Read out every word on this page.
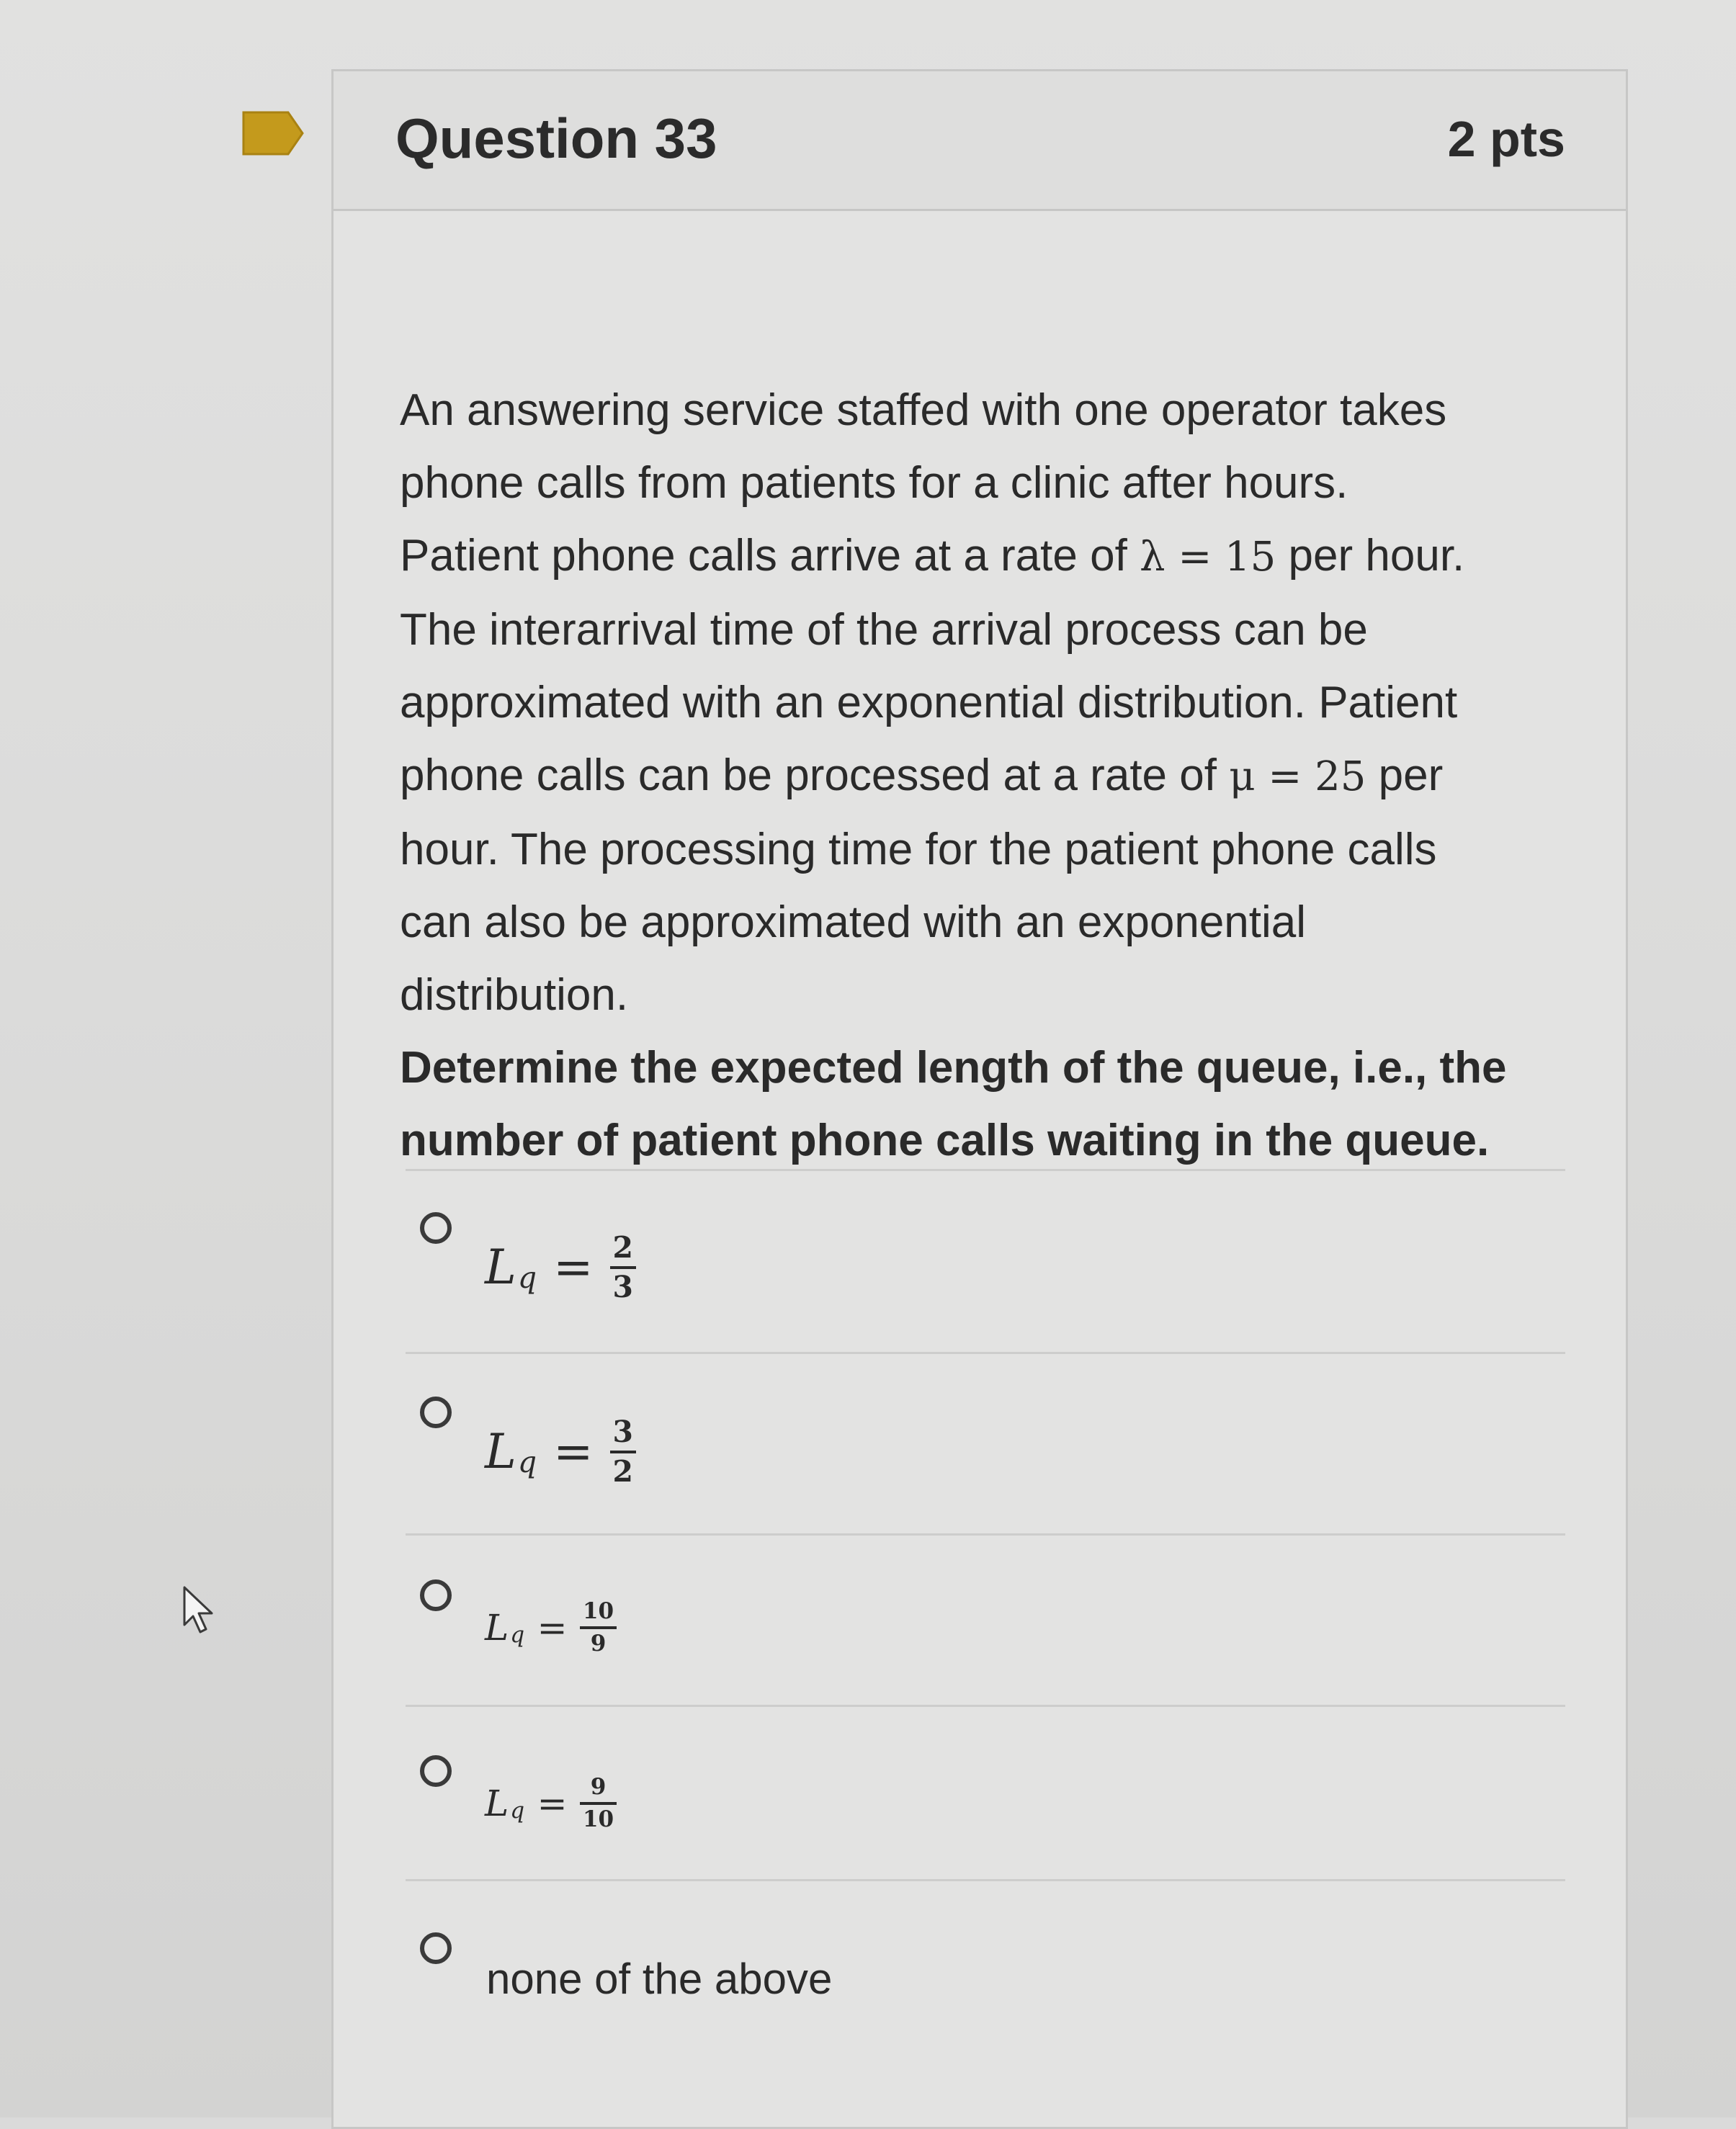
Question 33	2 pts
An answering service staffed with one operator takes
phone calls from patients for a clinic after hours.
Patient phone calls arrive at a rate of λ = 15 per hour.
The interarrival time of the arrival process can be
approximated with an exponential distribution. Patient
phone calls can be processed at a rate of μ = 25 per
hour. The processing time for the patient phone calls
can also be approximated with an exponential
distribution.
Determine the expected length of the queue, i.e., the
number of patient phone calls waiting in the queue.
L $q = \frac{2}{3}$
L $q = \frac{3}{2}$
L $q = \frac{10}{9}$
L $q = \frac{9}{10}$
none of the above
